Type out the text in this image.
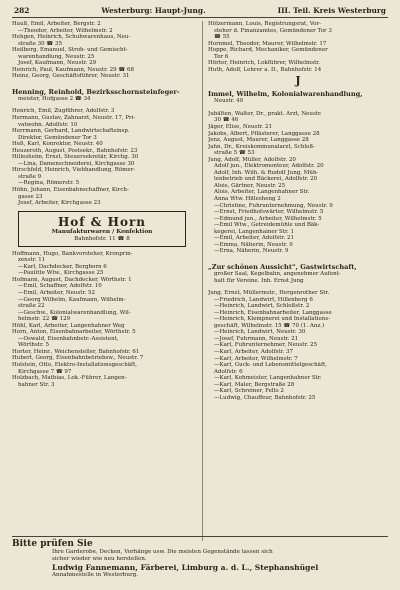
282	Westerburg: Haupt-Jung.	III. Teil. Kreis Westerburg
Hauß, Emil, Arbeiter, Bergstr. 2
—Theodor, Arbeiter, Wilhelmstr. 2
Hehgen, Heinrich, Schuhwarenhaus, Neu-
straße 30 ☎ 35
Heilberg, Emanuel, Stroh- und Gemischt-
warenhandlung, Neustr. 25
Josef, Kaufmann, Neustr. 29
Heinrich, Paul, Kaufmann, Neustr. 29 ☎ 68
Heinz, Georg, Geschäftsführer, Neustr. 31
Henning, Reinhold, Bezirksschornsteinfeger-
meister, Hofgasse 2 ☎ 34
Henrich, Emil, Zugführer, Adolfstr. 3
Hermann, Gustav, Zahnarzt, Neustr. 17, Pri-
vatwohn. Adolfstr. 10
Herrmann, Gerhard, Landwirtschaftsinsp.
Direktor, Gemündener Tor 3
Heß, Karl, Konrektor, Neustr. 40
Heuzeroth, August, Postsekr., Bahnhofstr. 23
Hillesheim, Ernst, Steuersekretär, Kirchg. 30
—Lina, Damenschneiderei, Kirchgasse 30
Hirschfeld, Heinrich, Viehhandlung, Römer-
straße 9
—Regina, Römerstr. 5
Höhn, Johann, Eisenbahnschaffner, Kirch-
gasse 23
Josef, Arbeiter, Kirchgasse 23
Hof & Horn
Manufakturwaren / Konfektion
Bahnhofstr. 11 ☎ 8
Hoffmann, Hugo, Bankvorsteher, Kronprin-
zenstr. 11
—Karl, Dachdecker, Bergborn 6
—Paulitte Wtw., Kirchgasse 25
Hofmann, August, Dachdecker, Wörthstr. 1
—Emil, Schaffner, Adolfstr. 10
—Emil, Arbeiter, Neustr. 52
—Georg Wilhelm, Kaufmann, Wilhelm-
straße 22
—Geschw., Kolonialwarenhandlung, Wil-
helmstr. 22 ☎ 129
Höhl, Karl, Arbeiter, Langenhahner Weg
Horn, Anton, Eisenbahnarbeiter, Wörthstr. 5
—Oswald, Eisenbahnbetr.-Assistent,
Wörthstr. 5
Horter, Heinr., Weichensteller, Bahnhofstr. 61
Hubert, Georg, Eisenbahnbetriebsw., Neustr. 7
Holstein, Otto, Elektro-Installationsgeschäft,
Kirchgasse 7 ☎ 97
Holzbach, Mathias, Lok.-Führer, Langen-
hahner Str. 3
Hölzermann, Louis, Registrungsrat, Vor-
steher d. Finanzamtes, Gemündener Tor 3
☎ 55
Hornmel, Theodor, Maurer, Wilhelmstr. 17
Hoppe, Richard, Mechaniker, Gemündener
Tor 6
Hörter, Heinrich, Lokführer, Wilhelmstr.
Huth, Adolf, Lehrer a. D., Bahnhofstr. 14
J
Immel, Wilhelm, Kolonialwarenhandlung,
Neustr. 49
Jubälten, Walter, Dr., prakt. Arzt, Neustr.
30 ☎ 46
Jäger, Elise, Neustr. 21
Jakobs, Albert, Pflästerer, Langgasse 28
Jenz, August, Maurer, Langgasse 28
Jahn, Dr., Kreiskommunalarzt, Schloß-
straße 5 ☎ 53
Jung, Adolf, Müller, Adolfstr. 20
Adolf jun., Elektromonteur, Adolfstr. 20
Adolf, Inh. Wilh. & Rudolf Jung, Müh-
lenbetrieb und Bäckerei, Adolfstr. 20
Alois, Gärtner, Neustr. 25
Alois, Arbeiter, Langenhahner Str.
Anna Wtw. Hillesheng 2
—Christine, Fuhrunternehmung, Neustr. 9
—Ernst, Friedhofswärter, Wilhelmstr. 5
—Edmund jun., Arbeiter, Wilhelmstr. 5
—Emil Wtw., Getreidemühle und Bäk-
kegerei, Langenhainer Str. 1
—Emil, Arbeiter, Adolfstr. 21
—Emma, Näherin, Neustr. 9
—Erna, Näherin, Neustr. 9
„Zur schönen Aussicht“, Gastwirtschaft,
großer Saal, Kegelbahn, angenehmer Aufent-
halt für Vereine. Inh. Ernst Jung
Jung, Ernst, Müllermstr., Hergenrother Str.
—Friedrich, Landwirt, Hillenberg 6
—Heinrich, Landwirt, Schloßstr. 2
—Heinrich, Eisenbahnarbeiter, Langgasse
—Heinrich, Klempnerei und Installations-
geschäft, Wilhelmstr. 15 ☎ 70 (1. Anz.)
—Heinrich, Landwirt, Neustr. 30
—Josef, Fuhrmann, Neustr. 21
—Karl, Fuhrunternehmer, Neustr. 25
—Karl, Arbeiter, Adolfstr. 37
—Karl, Arbeiter, Wilhelmstr. 7
—Karl, Guck- und Lebensmittelgeschäft,
Adolfstr. 6
—Karl, Kohmeister, Langenhahner Str.
—Karl, Maler, Bergstraße 28
—Karl, Schreiner, Felts 2
—Ludwig, Chauffeur, Bahnhofstr. 25
Bitte prüfen Sie
Ihre Garderobe, Decken, Vorhänge usw. Die meisten Gegenstände lassen sich
sicher wieder wie neu herstellen.
Ludwig Fannemann, Färberei, Limburg a. d. L., Stephanshügel
Annahmestelle in Westerburg.
